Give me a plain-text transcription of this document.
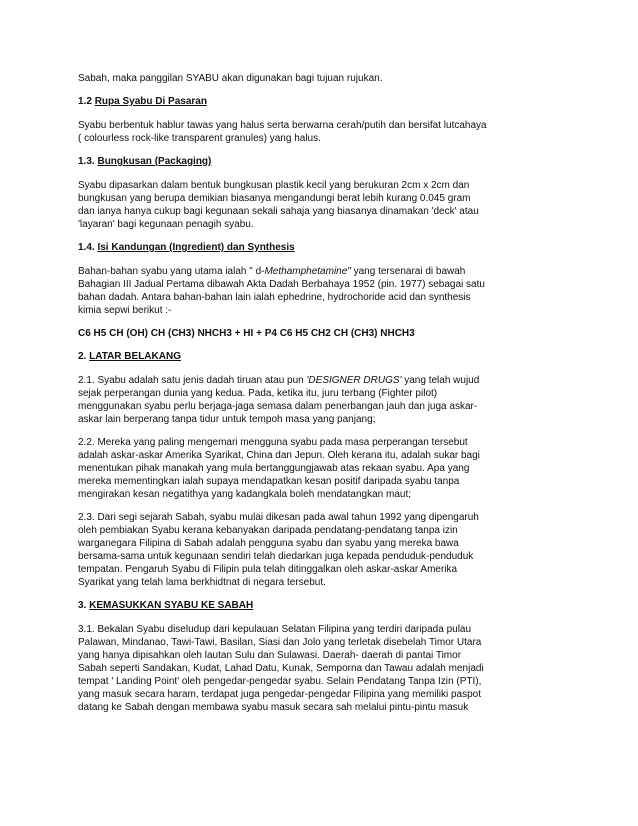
Sabah, maka panggilan SYABU akan digunakan bagi tujuan rujukan.

1.2 Rupa Syabu Di Pasaran

Syabu berbentuk hablur tawas yang halus serta berwarna cerah/putih dan bersifat lutcahaya
( colourless rock-like transparent granules) yang halus.

1.3. Bungkusan (Packaging)

Syabu dipasarkan dalam bentuk bungkusan plastik kecil yang berukuran 2cm x 2cm dan
bungkusan yang berupa demikian biasanya mengandungi berat lebih kurang 0.045 gram
dan ianya hanya cukup bagi kegunaan sekali sahaja yang biasanya dinamakan 'deck' atau
'layaran' bagi kegunaan penagih syabu.

1.4. Isi Kandungan (Ingredient) dan Synthesis

Bahan-bahan syabu yang utama ialah " d-Methamphetamine" yang tersenarai di bawah
Bahagian III Jadual Pertama dibawah Akta Dadah Berbahaya 1952 (pin. 1977) sebagai satu
bahan dadah. Antara bahan-bahan lain ialah ephedrine, hydrochoride acid dan synthesis
kimia sepwi berikut :-

C6 H5 CH (OH) CH (CH3) NHCH3 + HI + P4 C6 H5 CH2 CH (CH3) NHCH3

2. LATAR BELAKANG

2.1. Syabu adalah satu jenis dadah tiruan atau pun 'DESIGNER DRUGS' yang telah wujud
sejak perperangan dunia yang kedua. Pada, ketika itu, juru terbang (Fighter pilot)
menggunakan syabu perlu berjaga-jaga semasa dalam penerbangan jauh dan juga askar-
askar lain berperang tanpa tidur untuk tempoh masa yang panjang;

2.2. Mereka yang paling mengemari mengguna syabu pada masa perperangan tersebut
adalah askar-askar Amerika Syarikat, China dan Jepun. Oleh kerana itu, adalah sukar bagi
menentukan pihak manakah yang mula bertanggungjawab atas rekaan syabu. Apa yang
mereka mementingkan ialah supaya mendapatkan kesan positif daripada syabu tanpa
mengirakan kesan negatithya yang kadangkala boleh mendatangkan maut;

2.3. Dari segi sejarah Sabah, syabu mulai dikesan pada awal tahun 1992 yang dipengaruh
oleh pembiakan Syabu kerana kebanyakan daripada pendatang-pendatang tanpa izin
warganegara Filipina di Sabah adalah pengguna syabu dan syabu yang mereka bawa
bersama-sama untuk kegunaan sendiri telah diedarkan juga kepada penduduk-penduduk
tempatan. Pengaruh Syabu di Filipin pula telah ditinggalkan oleh askar-askar Amerika
Syarikat yang telah lama berkhidtnat di negara tersebut.

3. KEMASUKKAN SYABU KE SABAH

3.1. Bekalan Syabu diseludup dari kepulauan Selatan Filipina yang terdiri daripada pulau
Palawan, Mindanao, Tawi-Tawi, Basilan, Siasi dan Jolo yang terletak disebelah Timor Utara
yang hanya dipisahkan oleh lautan Sulu dan Sulawasi. Daerah- daerah di pantai Timor
Sabah seperti Sandakan, Kudat, Lahad Datu, Kunak, Semporna dan Tawau adalah menjadi
tempat ' Landing Point' oleh pengedar-pengedar syabu. Selain Pendatang Tanpa Izin (PTI),
yang masuk secara haram, terdapat juga pengedar-pengedar Filipina yang memiliki paspot
datang ke Sabah dengan membawa syabu masuk secara sah melalui pintu-pintu masuk
